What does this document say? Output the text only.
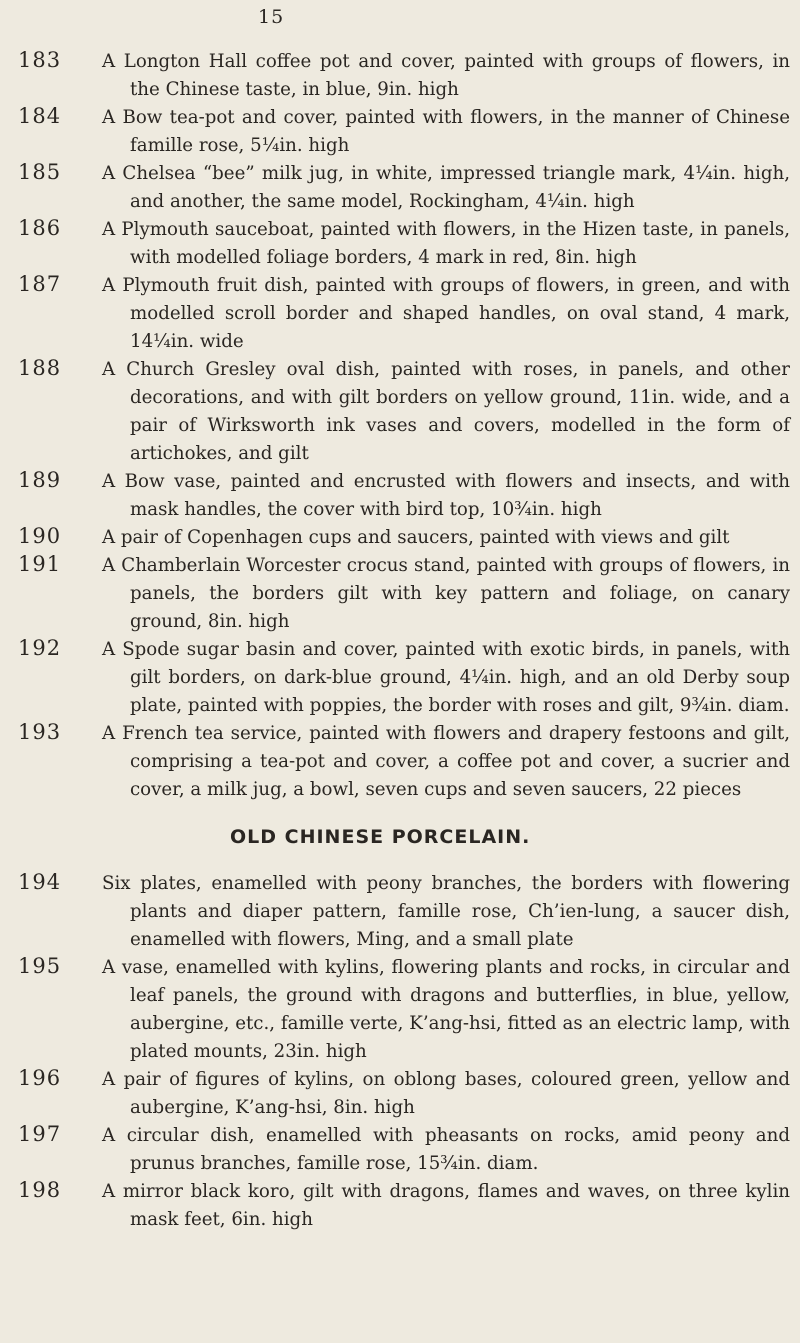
15
183	A Longton Hall coffee pot and cover, painted with groups of flowers, in the Chinese taste, in blue, 9in. high
184	A Bow tea-pot and cover, painted with flowers, in the manner of Chinese famille rose, 5¼in. high
185	A Chelsea “bee” milk jug, in white, impressed triangle mark, 4¼in. high, and another, the same model, Rockingham, 4¼in. high
186	A Plymouth sauceboat, painted with flowers, in the Hizen taste, in panels, with modelled foliage borders, 4 mark in red, 8in. high
187	A Plymouth fruit dish, painted with groups of flowers, in green, and with modelled scroll border and shaped handles, on oval stand, 4 mark, 14¼in. wide
188	A Church Gresley oval dish, painted with roses, in panels, and other decorations, and with gilt borders on yellow ground, 11in. wide, and a pair of Wirksworth ink vases and covers, modelled in the form of artichokes, and gilt
189	A Bow vase, painted and encrusted with flowers and insects, and with mask handles, the cover with bird top, 10¾in. high
190	A pair of Copenhagen cups and saucers, painted with views and gilt
191	A Chamberlain Worcester crocus stand, painted with groups of flowers, in panels, the borders gilt with key pattern and foliage, on canary ground, 8in. high
192	A Spode sugar basin and cover, painted with exotic birds, in panels, with gilt borders, on dark-blue ground, 4¼in. high, and an old Derby soup plate, painted with poppies, the border with roses and gilt, 9¾in. diam.
193	A French tea service, painted with flowers and drapery festoons and gilt, comprising a tea-pot and cover, a coffee pot and cover, a sucrier and cover, a milk jug, a bowl, seven cups and seven saucers, 22 pieces
OLD CHINESE PORCELAIN.
194	Six plates, enamelled with peony branches, the borders with flowering plants and diaper pattern, famille rose, Ch’ien-lung, a saucer dish, enamelled with flowers, Ming, and a small plate
195	A vase, enamelled with kylins, flowering plants and rocks, in circular and leaf panels, the ground with dragons and butterflies, in blue, yellow, aubergine, etc., famille verte, K’ang-hsi, fitted as an electric lamp, with plated mounts, 23in. high
196	A pair of figures of kylins, on oblong bases, coloured green, yellow and aubergine, K’ang-hsi, 8in. high
197	A circular dish, enamelled with pheasants on rocks, amid peony and prunus branches, famille rose, 15¾in. diam.
198	A mirror black koro, gilt with dragons, flames and waves, on three kylin mask feet, 6in. high
